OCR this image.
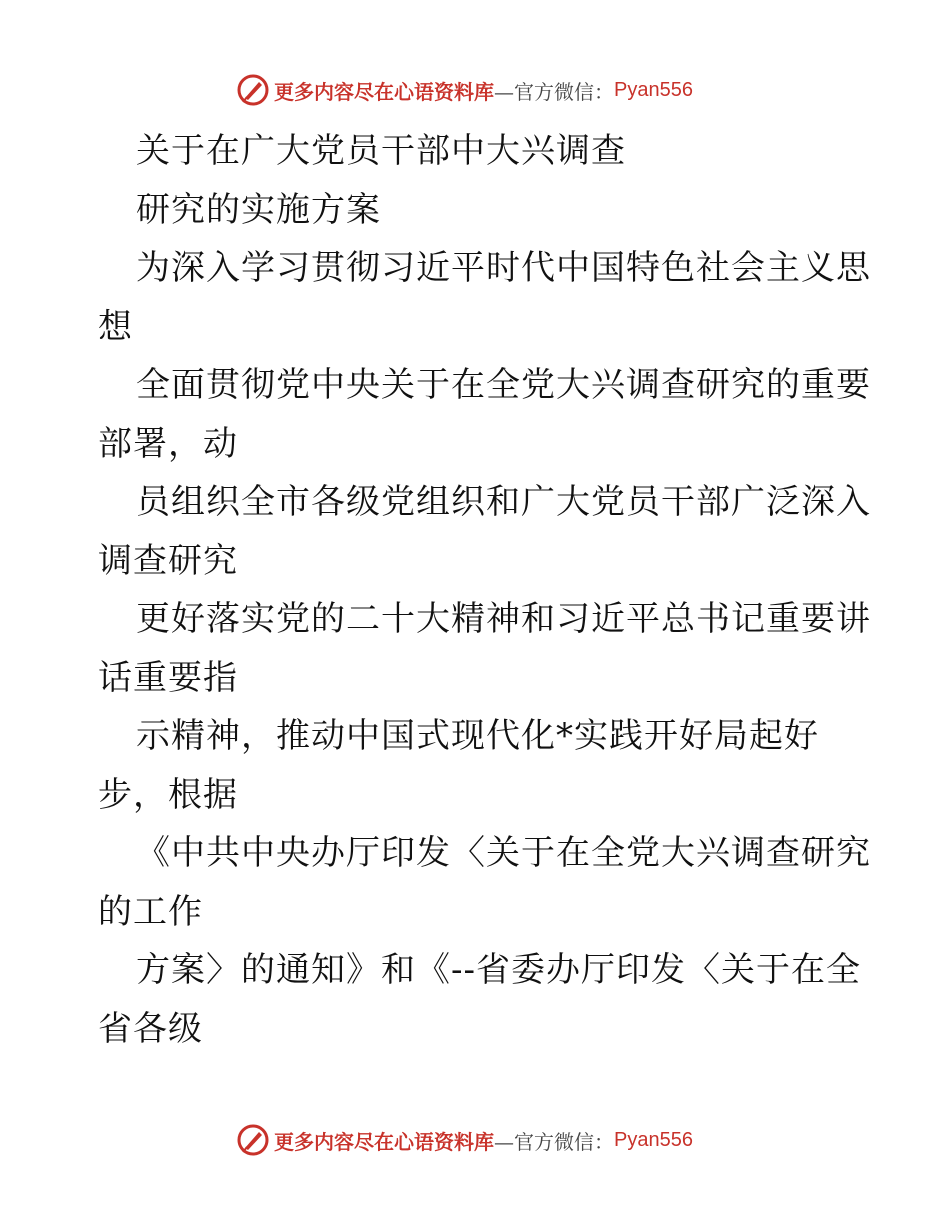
更多内容尽在心语资料库 —官方微信： Pyan556
关于在广大党员干部中大兴调查
研究的实施方案
为深入学习贯彻习近平时代中国特色社会主义思
想
全面贯彻党中央关于在全党大兴调查研究的重要
部署，动
员组织全市各级党组织和广大党员干部广泛深入
调查研究
更好落实党的二十大精神和习近平总书记重要讲
话重要指
示精神，推动中国式现代化*实践开好局起好
步，根据
《中共中央办厅印发〈关于在全党大兴调查研究
的工作
方案〉的通知》和《--省委办厅印发〈关于在全
省各级
更多内容尽在心语资料库 —官方微信： Pyan556
